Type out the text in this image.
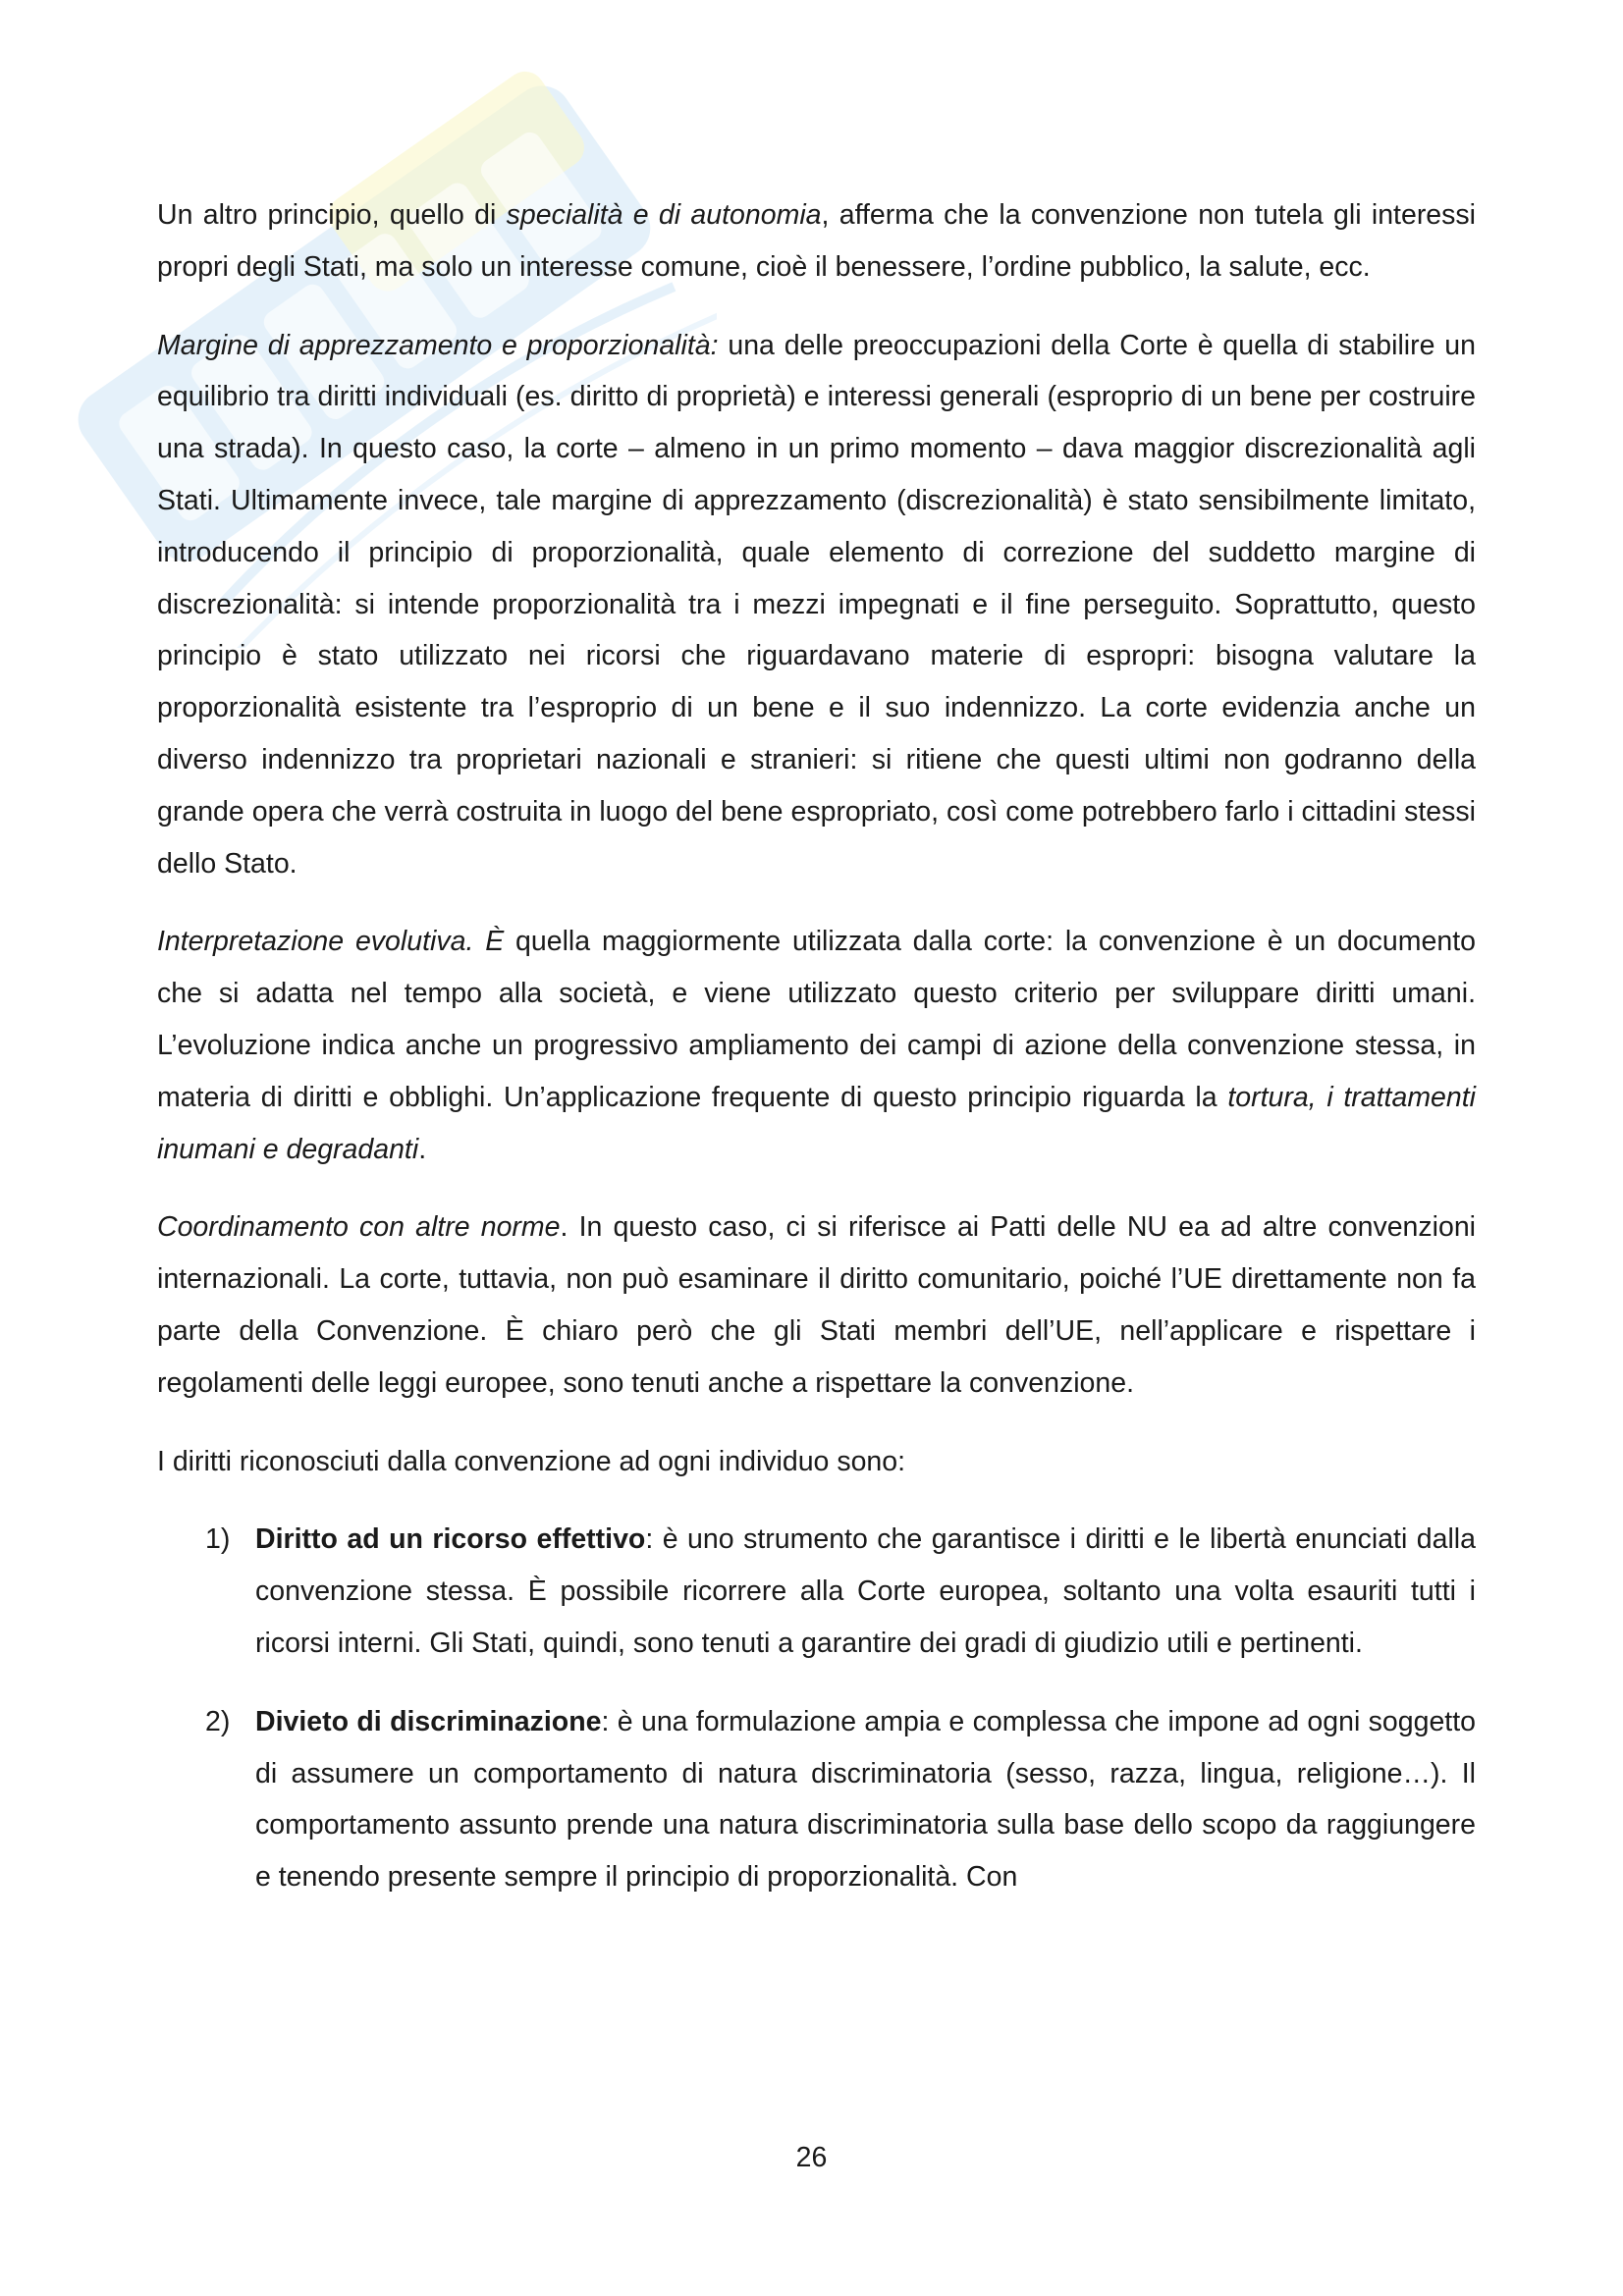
Un altro principio, quello di specialità e di autonomia, afferma che la convenzione non tutela gli interessi propri degli Stati, ma solo un interesse comune, cioè il benessere, l’ordine pubblico, la salute, ecc.

Margine di apprezzamento e proporzionalità: una delle preoccupazioni della Corte è quella di stabilire un equilibrio tra diritti individuali (es. diritto di proprietà) e interessi generali (esproprio di un bene per costruire una strada). In questo caso, la corte – almeno in un primo momento – dava maggior discrezionalità agli Stati. Ultimamente invece, tale margine di apprezzamento (discrezionalità) è stato sensibilmente limitato, introducendo il principio di proporzionalità, quale elemento di correzione del suddetto margine di discrezionalità: si intende proporzionalità tra i mezzi impegnati e il fine perseguito. Soprattutto, questo principio è stato utilizzato nei ricorsi che riguardavano materie di espropri: bisogna valutare la proporzionalità esistente tra l’esproprio di un bene e il suo indennizzo. La corte evidenzia anche un diverso indennizzo tra proprietari nazionali e stranieri: si ritiene che questi ultimi non godranno della grande opera che verrà costruita in luogo del bene espropriato, così come potrebbero farlo i cittadini stessi dello Stato.

Interpretazione evolutiva. È quella maggiormente utilizzata dalla corte: la convenzione è un documento che si adatta nel tempo alla società, e viene utilizzato questo criterio per sviluppare diritti umani. L’evoluzione indica anche un progressivo ampliamento dei campi di azione della convenzione stessa, in materia di diritti e obblighi. Un’applicazione frequente di questo principio riguarda la tortura, i trattamenti inumani e degradanti.

Coordinamento con altre norme. In questo caso, ci si riferisce ai Patti delle NU ea ad altre convenzioni internazionali. La corte, tuttavia, non può esaminare il diritto comunitario, poiché l’UE direttamente non fa parte della Convenzione. È chiaro però che gli Stati membri dell’UE, nell’applicare e rispettare i regolamenti delle leggi europee, sono tenuti anche a rispettare la convenzione.

I diritti riconosciuti dalla convenzione ad ogni individuo sono:

1) Diritto ad un ricorso effettivo: è uno strumento che garantisce i diritti e le libertà enunciati dalla convenzione stessa. È possibile ricorrere alla Corte europea, soltanto una volta esauriti tutti i ricorsi interni. Gli Stati, quindi, sono tenuti a garantire dei gradi di giudizio utili e pertinenti.
2) Divieto di discriminazione: è una formulazione ampia e complessa che impone ad ogni soggetto di assumere un comportamento di natura discriminatoria (sesso, razza, lingua, religione…). Il comportamento assunto prende una natura discriminatoria sulla base dello scopo da raggiungere e tenendo presente sempre il principio di proporzionalità. Con
26
